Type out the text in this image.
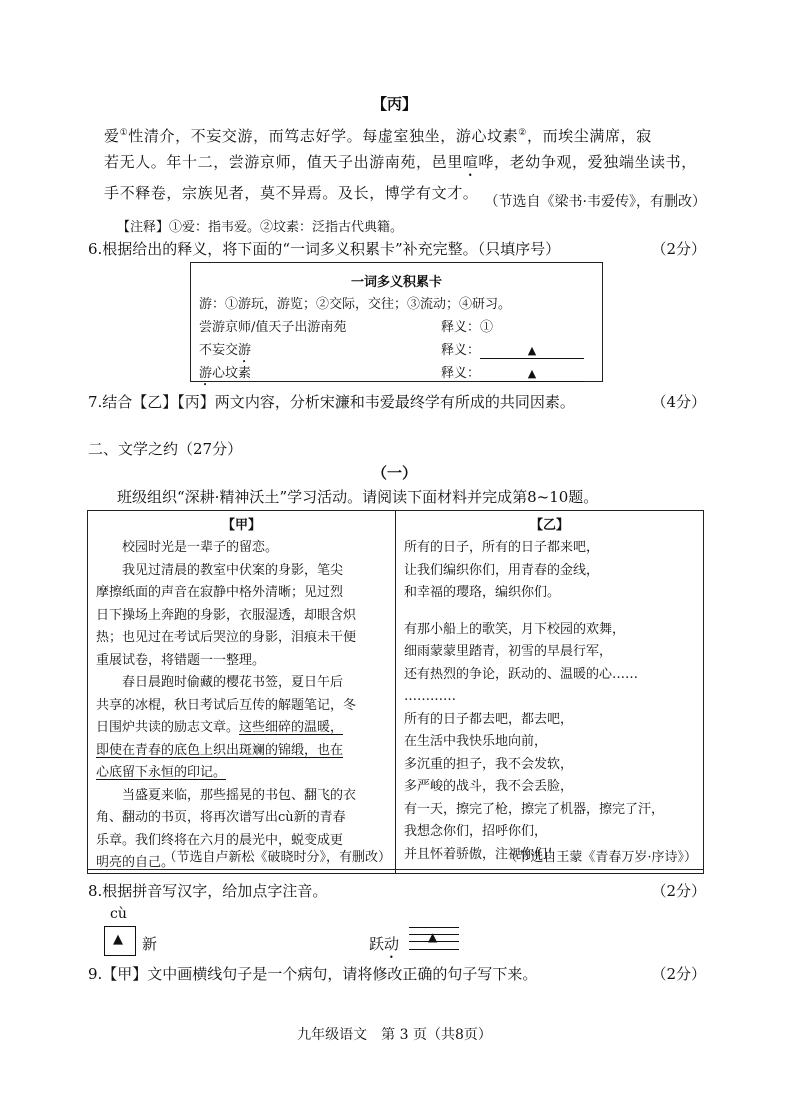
【丙】
爱①性清介，不妄交游，而笃志好学。每虚室独坐，游心坟素②，而埃尘满席，寂
若无人。年十二，尝游京师，值天子出游南苑，邑里喧哗，老幼争观，爱独端坐读书，
手不释卷，宗族见者，莫不异焉。及长，博学有文才。 （节选自《梁书·韦爱传》，有删改）
【注释】①爱：指韦爱。②坟素：泛指古代典籍。
6.根据给出的释义，将下面的“一词多义积累卡”补充完整。（只填序号）	（2分）
一词多义积累卡
游：①游玩，游览；②交际，交往；③流动；④研习。
尝游京师/值天子出游南苑	释义：①
不妄交游	释义：	▲
游心坟素	释义：	▲
7.结合【乙】【丙】两文内容，分析宋濂和韦爱最终学有所成的共同因素。	（4分）
二、文学之约（27分）
（一）
班级组织“深耕·精神沃土”学习活动。请阅读下面材料并完成第8~10题。
【甲】
校园时光是一辈子的留恋。
我见过清晨的教室中伏案的身影，笔尖
摩擦纸面的声音在寂静中格外清晰；见过烈
日下操场上奔跑的身影，衣服湿透，却眼含炽
热；也见过在考试后哭泣的身影，泪痕未干便
重展试卷，将错题一一整理。
春日晨跑时偷藏的樱花书签，夏日午后
共享的冰棍，秋日考试后互传的解题笔记，冬
日围炉共读的励志文章。这些细碎的温暖，
即使在青春的底色上织出斑斓的锦缎，也在
心底留下永恒的印记。
当盛夏来临，那些摇晃的书包、翻飞的衣
角、翻动的书页，将再次谱写出cù新的青春
乐章。我们终将在六月的晨光中，蜕变成更
明亮的自己。
（节选自卢新松《破晓时分》，有删改）
【乙】
所有的日子，所有的日子都来吧，
让我们编织你们，用青春的金线，
和幸福的璎珞，编织你们。
有那小船上的歌笑，月下校园的欢舞，
细雨蒙蒙里踏青，初雪的早晨行军，
还有热烈的争论，跃动的、温暖的心……
…………
所有的日子都去吧，都去吧，
在生活中我快乐地向前，
多沉重的担子，我不会发软，
多严峻的战斗，我不会丢脸，
有一天，擦完了枪，擦完了机器，擦完了汗，
我想念你们，招呼你们，
并且怀着骄傲，注视你们！
（节选自王蒙《青春万岁·序诗》）
8.根据拼音写汉字，给加点字注音。	（2分）
cù
▲ 新	跃动 ▲
9.【甲】文中画横线句子是一个病句，请将修改正确的句子写下来。	（2分）
九年级语文　第 3 页（共8页）
